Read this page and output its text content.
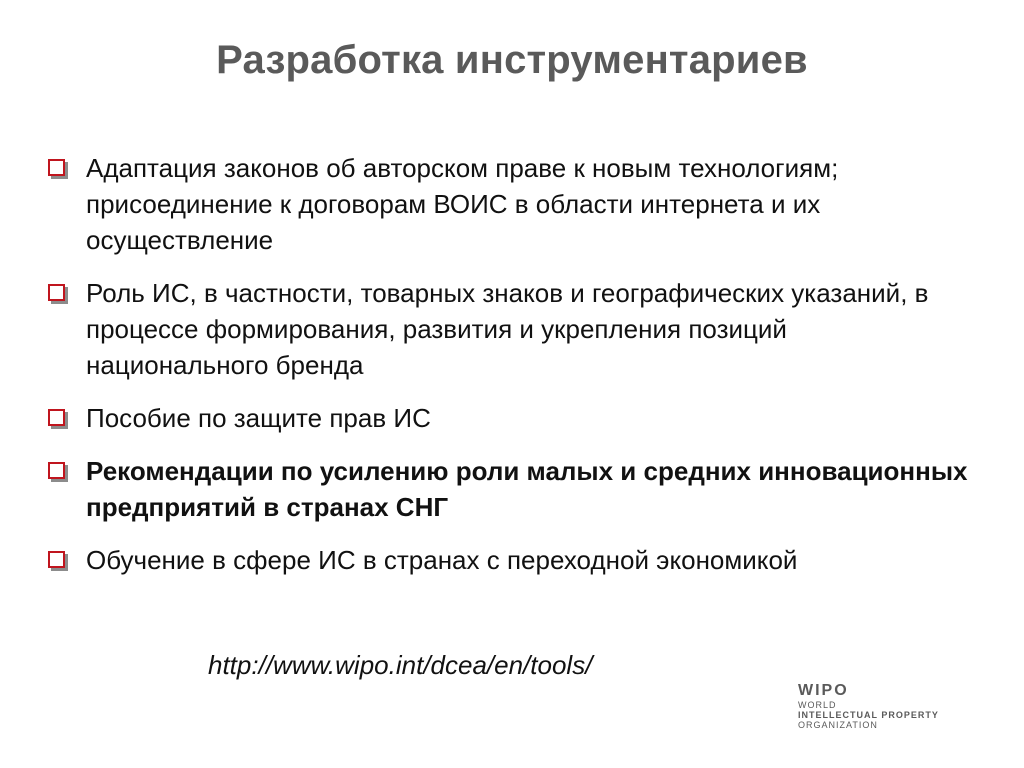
Разработка инструментариев
Адаптация законов об авторском праве к новым технологиям; присоединение к договорам ВОИС в области интернета и их осуществление
Роль ИС, в частности, товарных знаков и географических указаний, в процессе формирования, развития и укрепления позиций национального бренда
Пособие по защите прав ИС
Рекомендации по усилению роли малых и средних инновационных предприятий в странах СНГ
Обучение в сфере ИС в странах с переходной экономикой
http://www.wipo.int/dcea/en/tools/
WIPO
WORLD
INTELLECTUAL PROPERTY
ORGANIZATION
